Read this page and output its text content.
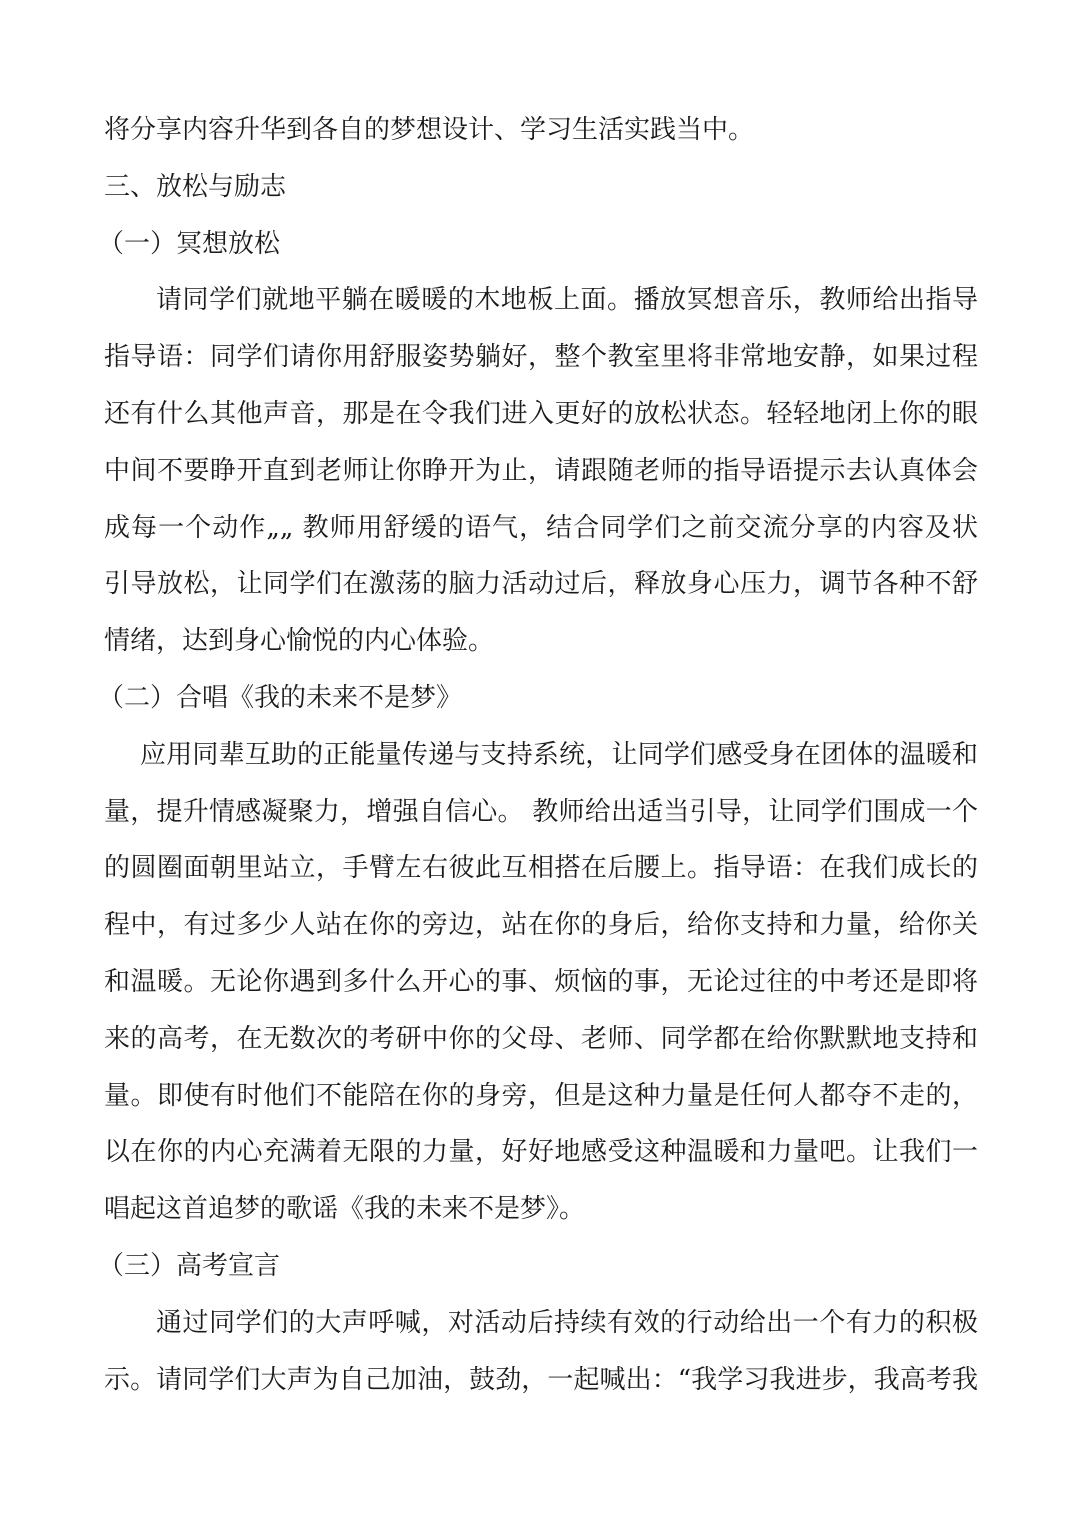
将分享内容升华到各自的梦想设计、学习生活实践当中。
三、放松与励志
（一）冥想放松
请同学们就地平躺在暖暖的木地板上面。播放冥想音乐，教师给出指导
指导语：同学们请你用舒服姿势躺好，整个教室里将非常地安静，如果过程
还有什么其他声音，那是在令我们进入更好的放松状态。轻轻地闭上你的眼
中间不要睁开直到老师让你睁开为止，请跟随老师的指导语提示去认真体会
成每一个动作„„ 教师用舒缓的语气，结合同学们之前交流分享的内容及状
引导放松，让同学们在激荡的脑力活动过后，释放身心压力，调节各种不舒
情绪，达到身心愉悦的内心体验。
（二）合唱《我的未来不是梦》
应用同辈互助的正能量传递与支持系统，让同学们感受身在团体的温暖和
量，提升情感凝聚力，增强自信心。 教师给出适当引导，让同学们围成一个
的圆圈面朝里站立，手臂左右彼此互相搭在后腰上。指导语：在我们成长的
程中，有过多少人站在你的旁边，站在你的身后，给你支持和力量，给你关
和温暖。无论你遇到多什么开心的事、烦恼的事，无论过往的中考还是即将
来的高考，在无数次的考研中你的父母、老师、同学都在给你默默地支持和
量。即使有时他们不能陪在你的身旁，但是这种力量是任何人都夺不走的，
以在你的内心充满着无限的力量，好好地感受这种温暖和力量吧。让我们一
唱起这首追梦的歌谣《我的未来不是梦》。
（三）高考宣言
通过同学们的大声呼喊，对活动后持续有效的行动给出一个有力的积极
示。请同学们大声为自己加油，鼓劲，一起喊出：“我学习我进步，我高考我
